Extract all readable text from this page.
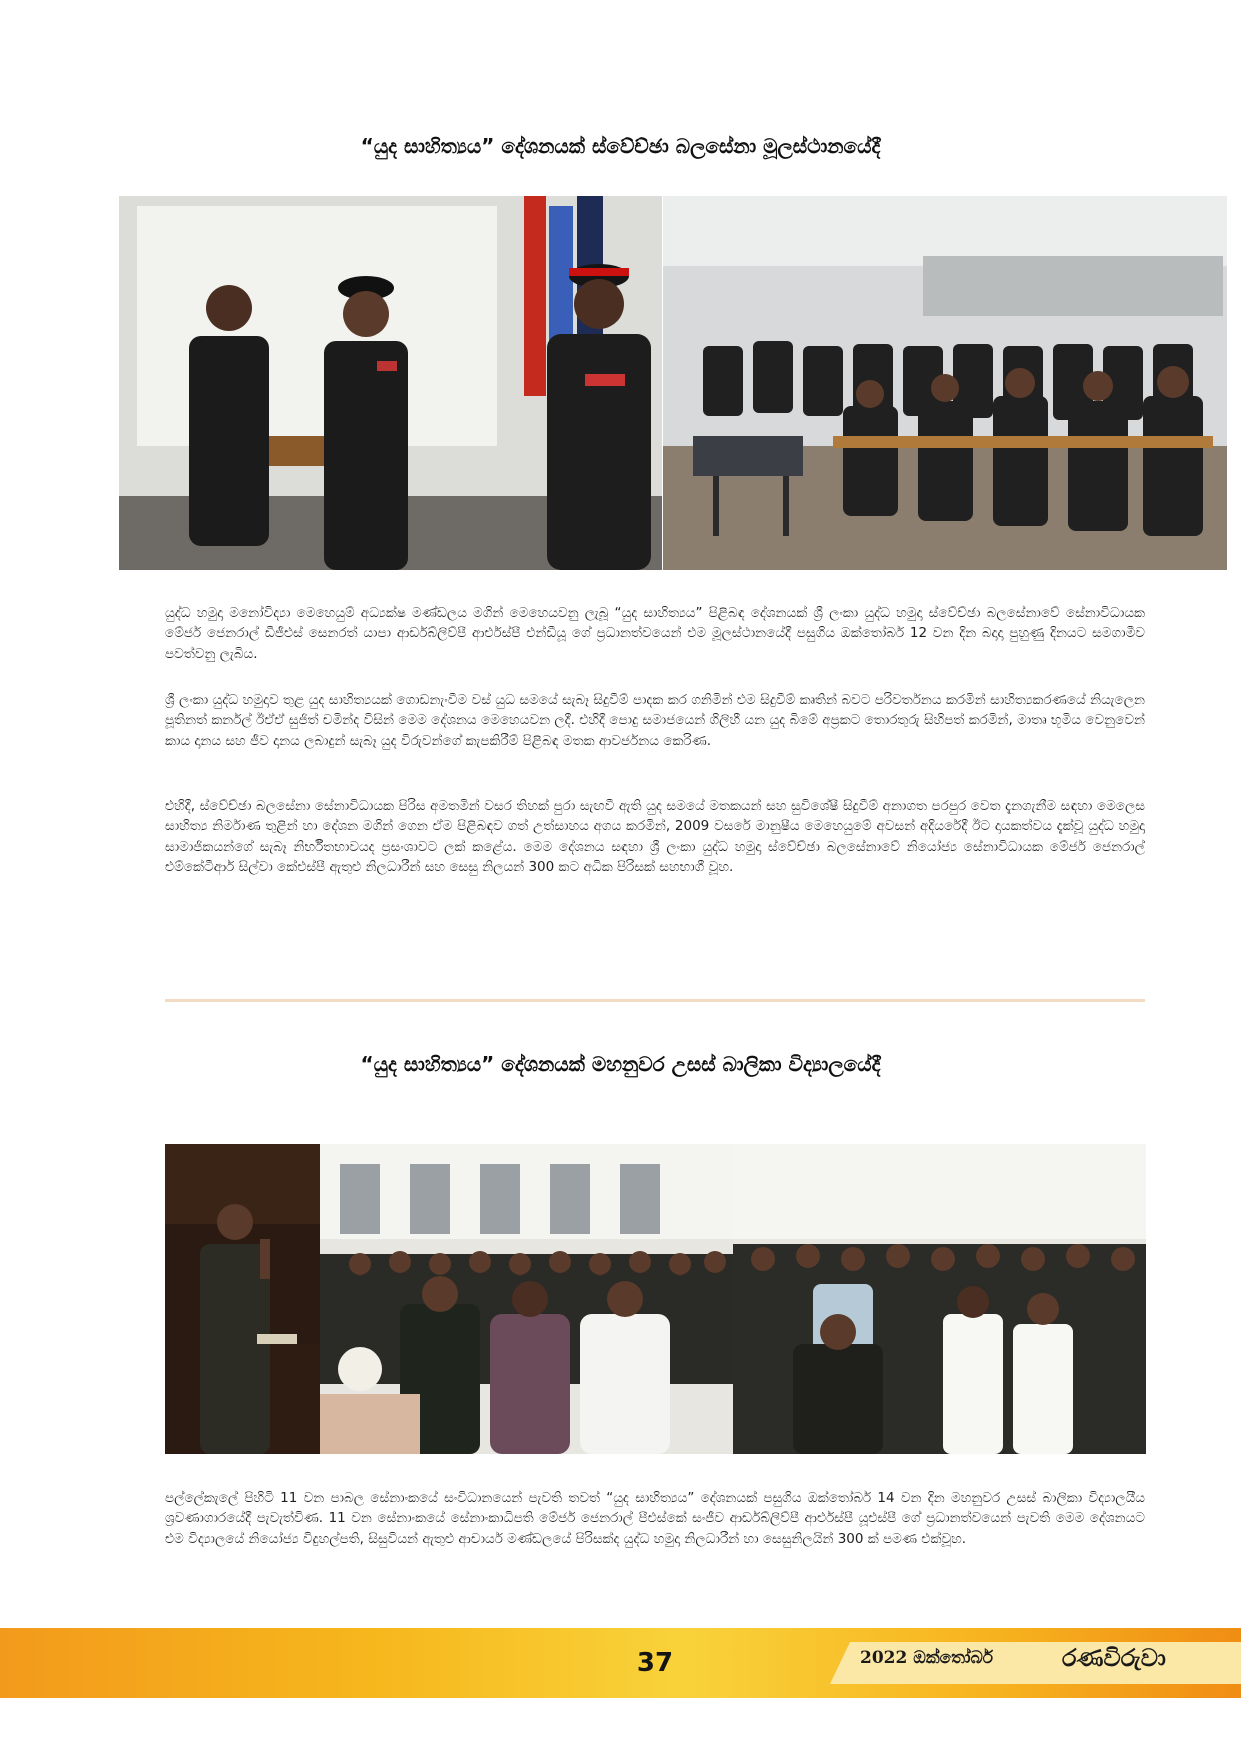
“යුද සාහිත්‍යය” දේශනයක් ස්වේච්ඡා බලසේනා මූලස්ථානයේදී

යුද්ධ හමුදා මනෝවිද්‍යා මෙහෙයුම් අධ්‍යක්ෂ මණ්ඩලය මගින් මෙහෙයවනු ලැබූ “යුද සාහිත්‍යය” පිළිබඳ දේශනයක් ශ්‍රී ලංකා යුද්ධ හමුදා ස්වේච්ඡා බලසේනාවේ සේනාවිධායක මේජර් ජෙනරාල් ඩීජීඑස් සෙනරත් යාපා ආර්ඩබ්ලිව්පී ආර්එස්පී එන්ඩීයූ ගේ ප්‍රධානත්වයෙන් එම මූලස්ථානයේදී පසුගිය ඔක්තෝබර් 12 වන දින බදාදා පුහුණු දිනයට සමගාමීව පවත්වනු ලැබිය.

ශ්‍රී ලංකා යුද්ධ හමුදාව තුළ යුද සාහිත්‍යයක් ගොඩනැංවීම වස් යුධ සමයේ සැබෑ සිදුවීම් පාදක කර ගනිමින් එම සිදුවීම් කෘතින් බවට පරිවර්තනය කරමින් සාහිත්‍යකරණයේ නියැලෙන පූතිනත් කර්නල් ඊඒඒ සුජිත් චමින්ද විසින් මෙම දේශනය මෙහෙයවන ලදී. එහිදී පොදු සමාජයෙන් ගිලිහී යන යුද බිමේ අප්‍රකට තොරතුරු සිහිපත් කරමින්, මාතෘ භූමිය වෙනුවෙන් කාය දානය සහ ජීව දානය ලබාදුන් සැබෑ යුද විරුවන්ගේ කැපකිරීම් පිළිබඳ මතක ආවර්ජනය කෙරිණ.

එහිදී, ස්වේච්ඡා බලසේනා සේනාවිධායක පිරිස අමතමින් වසර තිහක් පුරා සැඟවී ඇති යුද සමයේ මතකයන් සහ සුවිශේෂී සිදුවීම් අනාගත පරපුර වෙත දැනගැනීම සඳහා මෙලෙස සාහිත්‍ය නිර්මාණ තුළින් හා දේශන මගින් ගෙන ඒම පිළිබඳව ගත් උත්සාහය අගය කරමින්, 2009 වසරේ මානුෂීය මෙහෙයුමේ අවසන් අදියරේදී ඊට දායකත්වය දැක්වූ යුද්ධ හමුදා සාමාජිකයන්ගේ සැබෑ නිර්භීතභාවයද ප්‍රසංශාවට ලක් කළේය. මෙම දේශනය සඳහා ශ්‍රී ලංකා යුද්ධ හමුදා ස්වේච්ඡා බලසේනාවේ නියෝජ්‍ය සේනාවිධායක මේජර් ජෙනරාල් එම්කේටීආර් සිල්වා කේඑස්පී ඇතුළු නිලධාරීන් සහ සෙසු නිලයන් 300 කට අධික පිරිසක් සහභාගී වූහ.

“යුද සාහිත්‍යය” දේශනයක් මහනුවර උසස් බාලිකා විද්‍යාලයේදී

පල්ලේකැලේ පිහිටි 11 වන පාබල සේනාංකයේ සංවිධානයෙන් පැවති තවත් “යුද සාහිත්‍යය” දේශනයක් පසුගිය ඔක්තෝබර් 14 වන දින මහනුවර උසස් බාලිකා විද්‍යාලයීය ශ්‍රවණාගාරයේදී පැවැත්විණ. 11 වන සේනාංකයේ සේනාංකාධිපති මේජර් ජෙනරාල් පීඑස්කේ සංජීව ආර්ඩබ්ලිව්පී ආර්එස්පී යූඑස්පී ගේ ප්‍රධානත්වයෙන් පැවති මෙම දේශනයට එම විද්‍යාලයේ නියෝජ්‍ය විදුහල්පති, සිසුවියන් ඇතුළු ආචාර්ය මණ්ඩලයේ පිරිසක්ද යුද්ධ හමුදා නිලධාරීන් හා සෙසුනිලයින් 300 ක් පමණ එක්වූහ.

37	2022 ඔක්තෝබර්	රණවිරුවා
